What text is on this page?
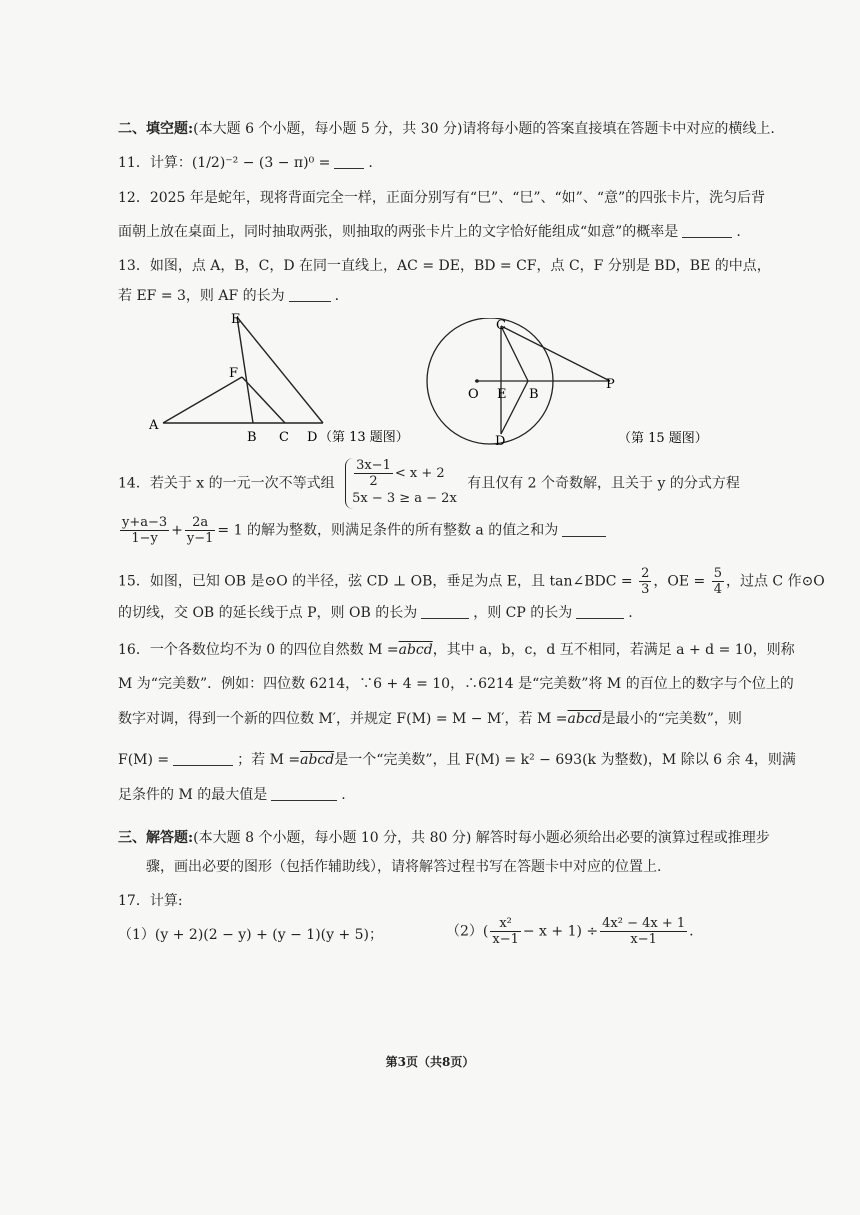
二、填空题:(本大题 6 个小题，每小题 5 分，共 30 分)请将每小题的答案直接填在答题卡中对应的横线上.
11．计算：(1/2)⁻² − (3 − π)⁰ =	.
12．2025 年是蛇年，现将背面完全一样，正面分别写有“巳”、“巳”、“如”、“意”的四张卡片，洗匀后背
面朝上放在桌面上，同时抽取两张，则抽取的两张卡片上的文字恰好能组成“如意”的概率是	.
13．如图，点 A，B，C，D 在同一直线上，AC = DE，BD = CF，点 C，F 分别是 BD，BE 的中点，
若 EF = 3，则 AF 的长为	.
E
F
A
B C D （第 13 题图）
C
O E B
P
D	（第 15 题图）
14．若关于 x 的一元一次不等式组 $\frac{3x-1}{2} < x + 2$
5x − 3 ≥ a − 2x
有且仅有 2 个奇数解，且关于 y 的分式方程
$\frac{y+a-3}{1-y} + \frac{2a}{y-1} = 1$ 的解为整数，则满足条件的所有整数 a 的值之和为
15．如图，已知 OB 是⊙O 的半径，弦 CD ⊥ OB，垂足为点 E，且 tan∠BDC = $\frac{2}{3}$ ，OE = $\frac{5}{4}$ ，过点 C 作⊙O
的切线，交 OB 的延长线于点 P，则 OB 的长为	，则 CP 的长为	.
16．一个各数位均不为 0 的四位自然数 M =abcd，其中 a，b，c，d 互不相同，若满足 a + d = 10，则称
M 为“完美数”．例如：四位数 6214，∵6 + 4 = 10，∴6214 是“完美数”将 M 的百位上的数字与个位上的
数字对调，得到一个新的四位数 M′，并规定 F(M) = M − M′，若 M =abcd是最小的“完美数”，则
F(M) =	；若 M =abcd是一个“完美数”，且 F(M) = k² − 693(k 为整数)，M 除以 6 余 4，则满
足条件的 M 的最大值是	.
三、解答题:(本大题 8 个小题，每小题 10 分，共 80 分) 解答时每小题必须给出必要的演算过程或推理步
骤，画出必要的图形（包括作辅助线），请将解答过程书写在答题卡中对应的位置上.
17．计算:
（1）(y + 2)(2 − y) + (y − 1)(y + 5)；	$(2)( \frac{\text{x²}}{x-1} - x + 1) \div \frac{\text{4x² − 4x + 1}}{x-1}$ .
第3页（共8页）
